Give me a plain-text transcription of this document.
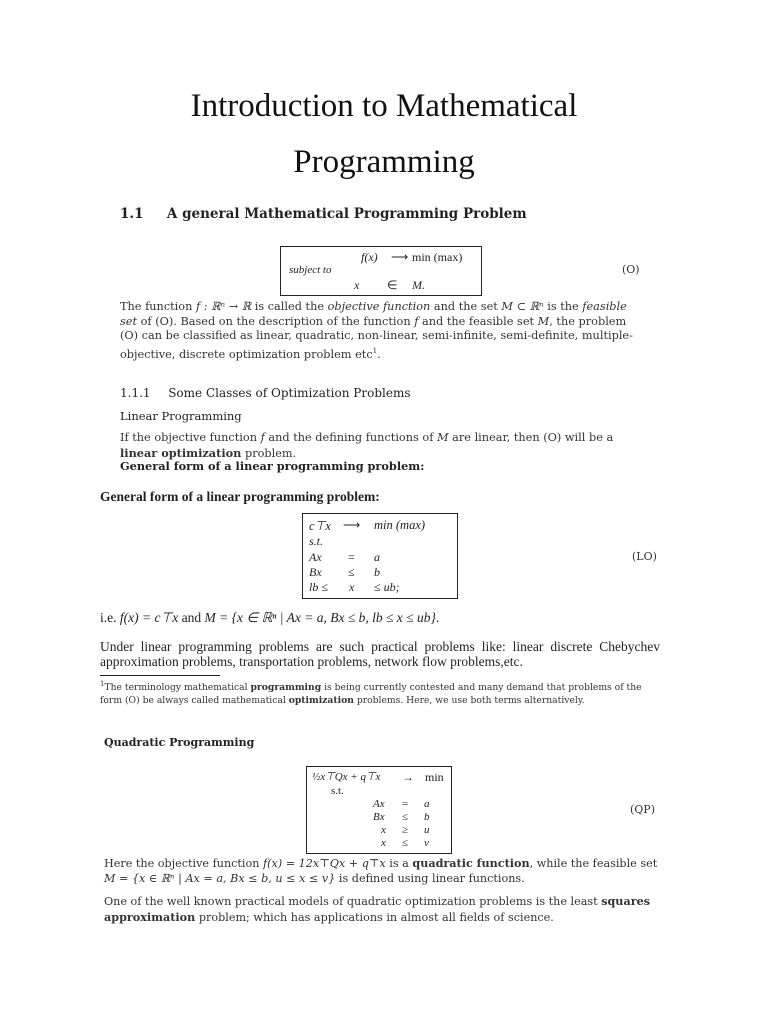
Introduction to Mathematical
Programming
1.1 A general Mathematical Programming Problem
f(x) ⟶ min (max)
subject to
x ∈ M.
(O)
The function f : ℝⁿ → ℝ is called the objective function and the set M ⊂ ℝⁿ is the feasible set of (O). Based on the description of the function f and the feasible set M, the problem (O) can be classified as linear, quadratic, non-linear, semi-infinite, semi-definite, multiple-objective, discrete optimization problem etc$^1$.
1.1.1 Some Classes of Optimization Problems
Linear Programming
If the objective function f and the defining functions of M are linear, then (O) will be a linear optimization problem.
General form of a linear programming problem:
General form of a linear programming problem:
c⊤x ⟶ min (max)
s.t.
Ax = a
Bx ≤ b
lb ≤ x ≤ ub;
(LO)
i.e. f(x) = c⊤x and M = {x ∈ ℝⁿ | Ax = a, Bx ≤ b, lb ≤ x ≤ ub}.
Under linear programming problems are such practical problems like: linear discrete Chebychev approximation problems, transportation problems, network flow problems,etc.
$^1$The terminology mathematical programming is being currently contested and many demand that problems of the form (O) be always called mathematical optimization problems. Here, we use both terms alternatively.
Quadratic Programming
½x⊤Qx + q⊤x → min
s.t.
Ax = a
Bx ≤ b
x ≥ u
x ≤ v
(QP)
Here the objective function f(x) = 12x⊤Qx + q⊤x is a quadratic function, while the feasible set M = {x ∈ ℝⁿ | Ax = a, Bx ≤ b, u ≤ x ≤ v} is defined using linear functions.
One of the well known practical models of quadratic optimization problems is the least squares approximation problem; which has applications in almost all fields of science.
